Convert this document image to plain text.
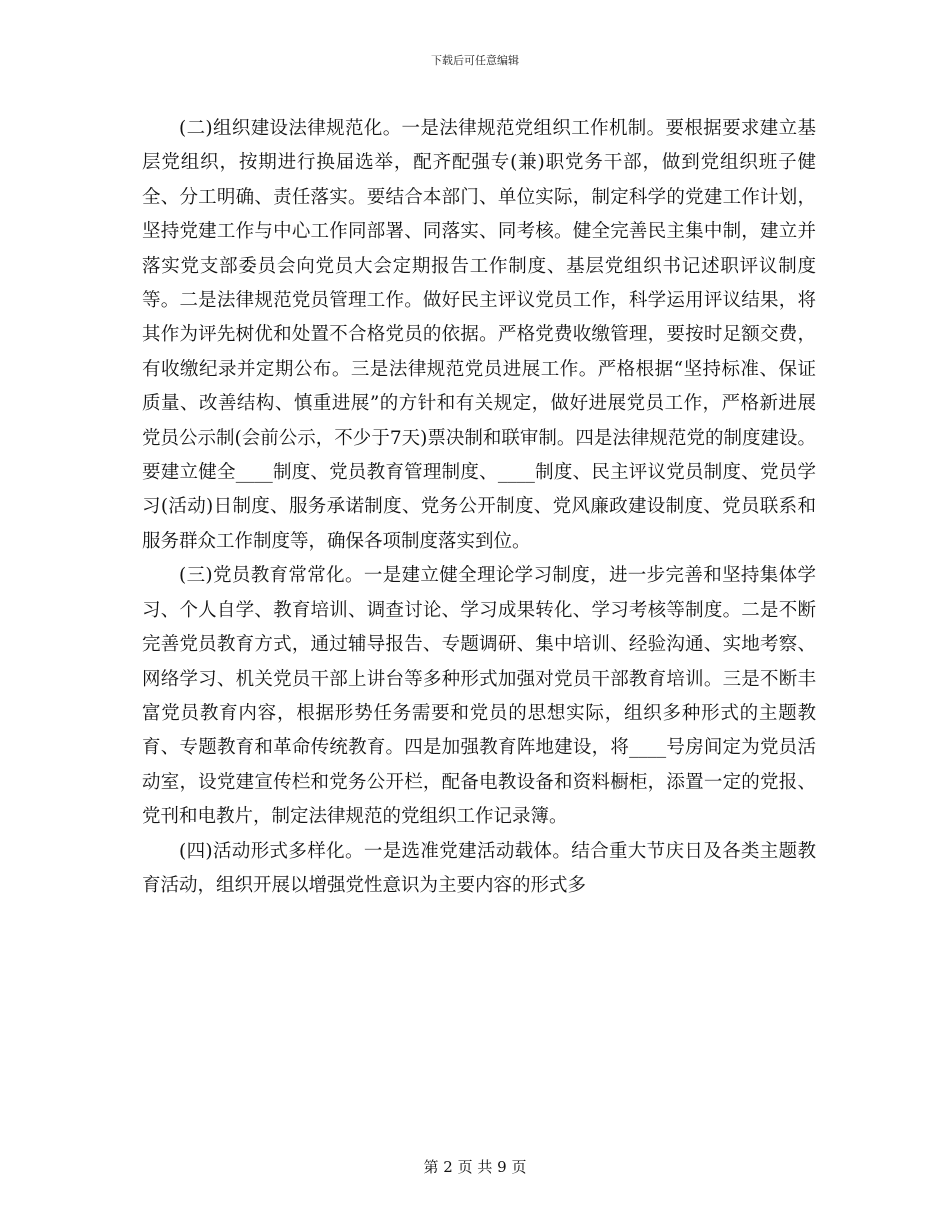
下载后可任意编辑

(二)组织建设法律规范化。一是法律规范党组织工作机制。要根据要求建立基层党组织，按期进行换届选举，配齐配强专(兼)职党务干部，做到党组织班子健全、分工明确、责任落实。要结合本部门、单位实际，制定科学的党建工作计划，坚持党建工作与中心工作同部署、同落实、同考核。健全完善民主集中制，建立并落实党支部委员会向党员大会定期报告工作制度、基层党组织书记述职评议制度等。二是法律规范党员管理工作。做好民主评议党员工作，科学运用评议结果，将其作为评先树优和处置不合格党员的依据。严格党费收缴管理，要按时足额交费，有收缴纪录并定期公布。三是法律规范党员进展工作。严格根据“坚持标准、保证质量、改善结构、慎重进展”的方针和有关规定，做好进展党员工作，严格新进展党员公示制(会前公示，不少于7天)票决制和联审制。四是法律规范党的制度建设。要建立健全____制度、党员教育管理制度、____制度、民主评议党员制度、党员学习(活动)日制度、服务承诺制度、党务公开制度、党风廉政建设制度、党员联系和服务群众工作制度等，确保各项制度落实到位。

(三)党员教育常常化。一是建立健全理论学习制度，进一步完善和坚持集体学习、个人自学、教育培训、调查讨论、学习成果转化、学习考核等制度。二是不断完善党员教育方式，通过辅导报告、专题调研、集中培训、经验沟通、实地考察、网络学习、机关党员干部上讲台等多种形式加强对党员干部教育培训。三是不断丰富党员教育内容，根据形势任务需要和党员的思想实际，组织多种形式的主题教育、专题教育和革命传统教育。四是加强教育阵地建设，将____号房间定为党员活动室，设党建宣传栏和党务公开栏，配备电教设备和资料橱柜，添置一定的党报、党刊和电教片，制定法律规范的党组织工作记录簿。

(四)活动形式多样化。一是选准党建活动载体。结合重大节庆日及各类主题教育活动，组织开展以增强党性意识为主要内容的形式多

第 2 页 共 9 页
